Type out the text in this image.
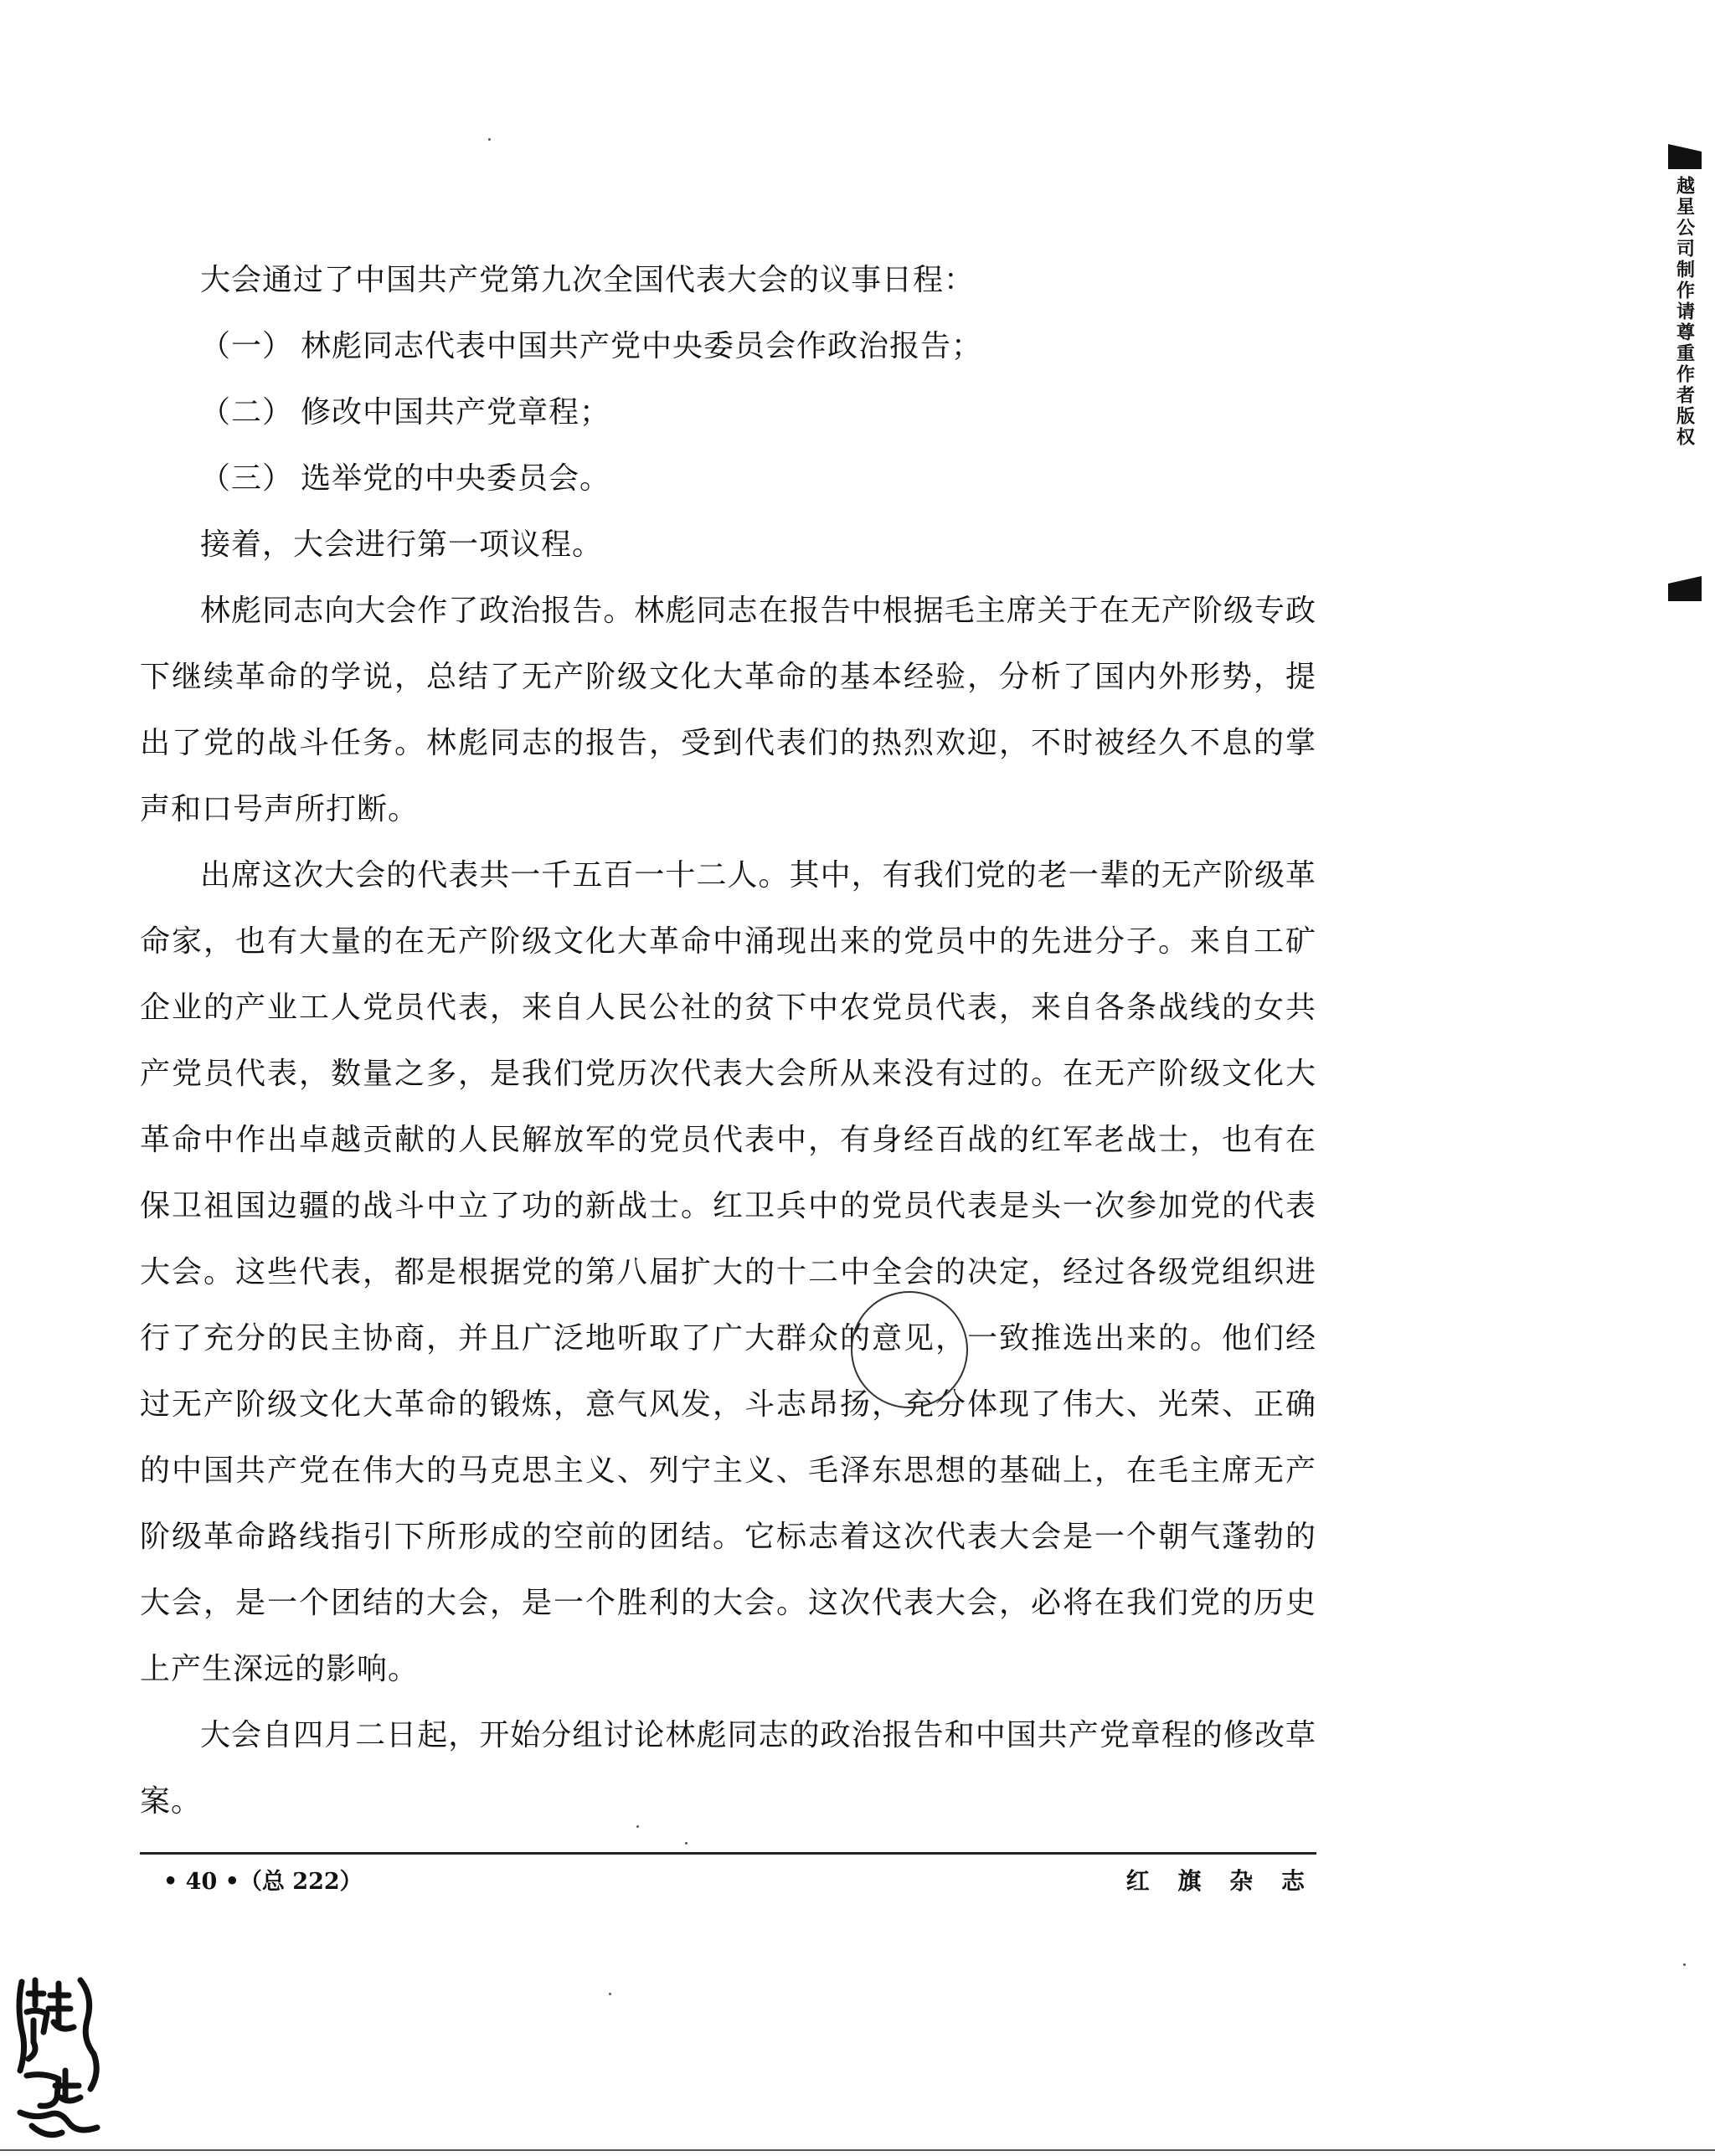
越星公司制作请尊重作者版权

大会通过了中国共产党第九次全国代表大会的议事日程：

（一） 林彪同志代表中国共产党中央委员会作政治报告；
（二） 修改中国共产党章程；
（三） 选举党的中央委员会。

接着，大会进行第一项议程。

林彪同志向大会作了政治报告。林彪同志在报告中根据毛主席关于在无产阶级专政下继续革命的学说，总结了无产阶级文化大革命的基本经验，分析了国内外形势，提出了党的战斗任务。林彪同志的报告，受到代表们的热烈欢迎，不时被经久不息的掌声和口号声所打断。

出席这次大会的代表共一千五百一十二人。其中，有我们党的老一辈的无产阶级革命家，也有大量的在无产阶级文化大革命中涌现出来的党员中的先进分子。来自工矿企业的产业工人党员代表，来自人民公社的贫下中农党员代表，来自各条战线的女共产党员代表，数量之多，是我们党历次代表大会所从来没有过的。在无产阶级文化大革命中作出卓越贡献的人民解放军的党员代表中，有身经百战的红军老战士，也有在保卫祖国边疆的战斗中立了功的新战士。红卫兵中的党员代表是头一次参加党的代表大会。这些代表，都是根据党的第八届扩大的十二中全会的决定，经过各级党组织进行了充分的民主协商，并且广泛地听取了广大群众的意见，一致推选出来的。他们经过无产阶级文化大革命的锻炼，意气风发，斗志昂扬，充分体现了伟大、光荣、正确的中国共产党在伟大的马克思主义、列宁主义、毛泽东思想的基础上，在毛主席无产阶级革命路线指引下所形成的空前的团结。它标志着这次代表大会是一个朝气蓬勃的大会，是一个团结的大会，是一个胜利的大会。这次代表大会，必将在我们党的历史上产生深远的影响。

大会自四月二日起，开始分组讨论林彪同志的政治报告和中国共产党章程的修改草案。

• 40 •（总 222）	红 旗 杂 志
